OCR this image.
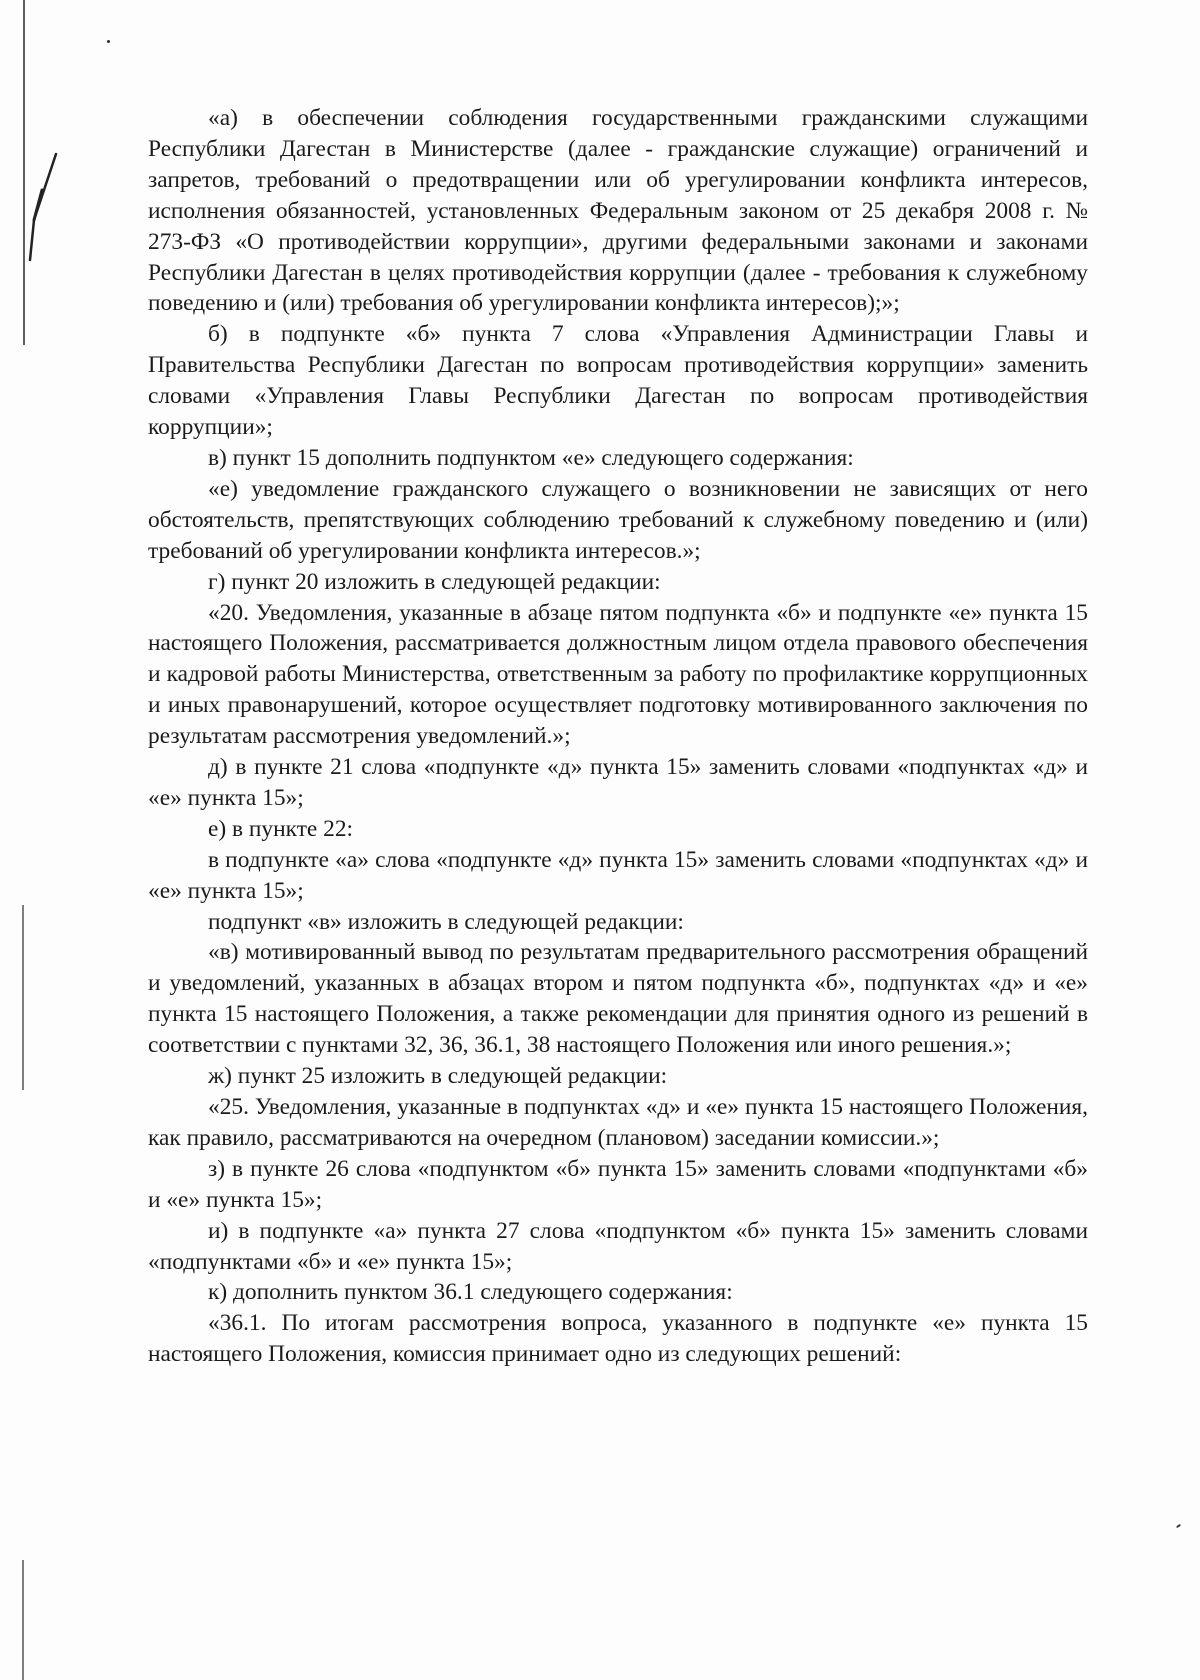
«а) в обеспечении соблюдения государственными гражданскими служащими Республики Дагестан в Министерстве (далее - гражданские служащие) ограничений и запретов, требований о предотвращении или об урегулировании конфликта интересов, исполнения обязанностей, установленных Федеральным законом от 25 декабря 2008 г. № 273-ФЗ «О противодействии коррупции», другими федеральными законами и законами Республики Дагестан в целях противодействия коррупции (далее - требования к служебному поведению и (или) требования об урегулировании конфликта интересов);»;

б) в подпункте «б» пункта 7 слова «Управления Администрации Главы и Правительства Республики Дагестан по вопросам противодействия коррупции» заменить словами «Управления Главы Республики Дагестан по вопросам противодействия коррупции»;

в) пункт 15 дополнить подпунктом «е» следующего содержания:

«е) уведомление гражданского служащего о возникновении не зависящих от него обстоятельств, препятствующих соблюдению требований к служебному поведению и (или) требований об урегулировании конфликта интересов.»;

г) пункт 20 изложить в следующей редакции:

«20. Уведомления, указанные в абзаце пятом подпункта «б» и подпункте «е» пункта 15 настоящего Положения, рассматривается должностным лицом отдела правового обеспечения и кадровой работы Министерства, ответственным за работу по профилактике коррупционных и иных правонарушений, которое осуществляет подготовку мотивированного заключения по результатам рассмотрения уведомлений.»;

д) в пункте 21 слова «подпункте «д» пункта 15» заменить словами «подпунктах «д» и «е» пункта 15»;

е) в пункте 22:

в подпункте «а» слова «подпункте «д» пункта 15» заменить словами «подпунктах «д» и «е» пункта 15»;

подпункт «в» изложить в следующей редакции:

«в) мотивированный вывод по результатам предварительного рассмотрения обращений и уведомлений, указанных в абзацах втором и пятом подпункта «б», подпунктах «д» и «е» пункта 15 настоящего Положения, а также рекомендации для принятия одного из решений в соответствии с пунктами 32, 36, 36.1, 38 настоящего Положения или иного решения.»;

ж) пункт 25 изложить в следующей редакции:

«25. Уведомления, указанные в подпунктах «д» и «е» пункта 15 настоящего Положения, как правило, рассматриваются на очередном (плановом) заседании комиссии.»;

з) в пункте 26 слова «подпунктом «б» пункта 15» заменить словами «подпунктами «б» и «е» пункта 15»;

и) в подпункте «а» пункта 27 слова «подпунктом «б» пункта 15» заменить словами «подпунктами «б» и «е» пункта 15»;

к) дополнить пунктом 36.1 следующего содержания:

«36.1. По итогам рассмотрения вопроса, указанного в подпункте «е» пункта 15 настоящего Положения, комиссия принимает одно из следующих решений:
